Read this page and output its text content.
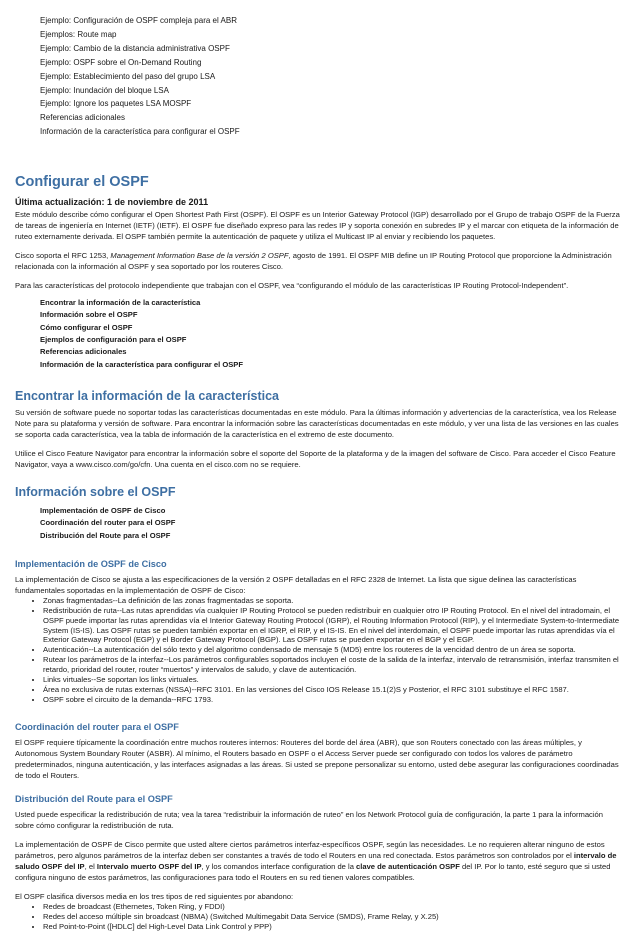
Ejemplo: Configuración de OSPF compleja para el ABR
Ejemplos: Route map
Ejemplo: Cambio de la distancia administrativa OSPF
Ejemplo: OSPF sobre el On-Demand Routing
Ejemplo: Establecimiento del paso del grupo LSA
Ejemplo: Inundación del bloque LSA
Ejemplo: Ignore los paquetes LSA MOSPF
Referencias adicionales
Información de la característica para configurar el OSPF
Configurar el OSPF
Última actualización: 1 de noviembre de 2011

Este módulo describe cómo configurar el Open Shortest Path First (OSPF). El OSPF es un Interior Gateway Protocol (IGP) desarrollado por el Grupo de trabajo OSPF de la Fuerza de tareas de ingeniería en Internet (IETF) (IETF). El OSPF fue diseñado expreso para las redes IP y soporta conexión en subredes IP y el marcar con etiqueta de la información de ruteo externamente derivada. El OSPF también permite la autenticación de paquete y utiliza el Multicast IP al enviar y recibiendo los paquetes.

Cisco soporta el RFC 1253, Management Information Base de la versión 2 OSPF, agosto de 1991. El OSPF MIB define un IP Routing Protocol que proporcione la Administración relacionada con la información al OSPF y sea soportado por los routeres Cisco.

Para las características del protocolo independiente que trabajan con el OSPF, vea “configurando el módulo de las características IP Routing Protocol-Independent”.

Encontrar la información de la característica
Información sobre el OSPF
Cómo configurar el OSPF
Ejemplos de configuración para el OSPF
Referencias adicionales
Información de la característica para configurar el OSPF
Encontrar la información de la característica

Su versión de software puede no soportar todas las características documentadas en este módulo. Para la últimas información y advertencias de la característica, vea los Release Note para su plataforma y versión de software. Para encontrar la información sobre las características documentadas en este módulo, y ver una lista de las versiones en las cuales se soporta cada característica, vea la tabla de información de la característica en el extremo de este documento.

Utilice el Cisco Feature Navigator para encontrar la información sobre el soporte del Soporte de la plataforma y de la imagen del software de Cisco. Para acceder el Cisco Feature Navigator, vaya a www.cisco.com/go/cfn. Una cuenta en el cisco.com no se requiere.

Información sobre el OSPF
Implementación de OSPF de Cisco
Coordinación del router para el OSPF
Distribución del Route para el OSPF
Implementación de OSPF de Cisco

La implementación de Cisco se ajusta a las especificaciones de la versión 2 OSPF detalladas en el RFC 2328 de Internet. La lista que sigue delinea las características fundamentales soportadas en la implementación de OSPF de Cisco:

• Zonas fragmentadas--La definición de las zonas fragmentadas se soporta.
• Redistribución de ruta--Las rutas aprendidas vía cualquier IP Routing Protocol se pueden redistribuir en cualquier otro IP Routing Protocol. En el nivel del intradomain, el OSPF puede importar las rutas aprendidas vía el Interior Gateway Routing Protocol (IGRP), el Routing Information Protocol (RIP), y el Intermediate System-to-Intermediate System (IS-IS). Las OSPF rutas se pueden también exportar en el IGRP, el RIP, y el IS-IS. En el nivel del interdomain, el OSPF puede importar las rutas aprendidas vía el Exterior Gateway Protocol (EGP) y el Border Gateway Protocol (BGP). Las OSPF rutas se pueden exportar en el BGP y el EGP.
• Autenticación--La autenticación del sólo texto y del algoritmo condensado de mensaje 5 (MD5) entre los routeres de la vencidad dentro de un área se soporta.
• Rutear los parámetros de la interfaz--Los parámetros configurables soportados incluyen el coste de la salida de la interfaz, intervalo de retransmisión, interfaz transmiten el retardo, prioridad del router, router “muertos” y intervalos de saludo, y clave de autenticación.
• Links virtuales--Se soportan los links virtuales.
• Área no exclusiva de rutas externas (NSSA)--RFC 3101. En las versiones del Cisco IOS Release 15.1(2)S y Posterior, el RFC 3101 substituye el RFC 1587.
• OSPF sobre el circuito de la demanda--RFC 1793.
Coordinación del router para el OSPF

El OSPF requiere típicamente la coordinación entre muchos routeres internos: Routeres del borde del área (ABR), que son Routers conectado con las áreas múltiples, y Autonomous System Boundary Router (ASBR). Al mínimo, el Routers basado en OSPF o el Access Server puede ser configurado con todos los valores de parámetro predeterminados, ninguna autenticación, y las interfaces asignadas a las áreas. Si usted se prepone personalizar su entorno, usted debe asegurar las configuraciones coordinadas de todo el Routers.

Distribución del Route para el OSPF

Usted puede especificar la redistribución de ruta; vea la tarea “redistribuir la información de ruteo” en los Network Protocol guía de configuración, la parte 1 para la información sobre cómo configurar la redistribución de ruta.

La implementación de OSPF de Cisco permite que usted altere ciertos parámetros interfaz-específicos OSPF, según las necesidades. Le no requieren alterar ninguno de estos parámetros, pero algunos parámetros de la interfaz deben ser constantes a través de todo el Routers en una red conectada. Estos parámetros son controlados por el intervalo de saludo OSPF del IP, el Intervalo muerto OSPF del IP, y los comandos interface configuration de la clave de autenticación OSPF del IP. Por lo tanto, esté seguro que si usted configura ninguno de estos parámetros, las configuraciones para todo el Routers en su red tienen valores compatibles.

El OSPF clasifica diversos media en los tres tipos de red siguientes por abandono:

• Redes de broadcast (Ethernetes, Token Ring, y FDDI)
• Redes del acceso múltiple sin broadcast (NBMA) (Switched Multimegabit Data Service (SMDS), Frame Relay, y X.25)
• Red Point-to-Point ([HDLC] del High-Level Data Link Control y PPP)
